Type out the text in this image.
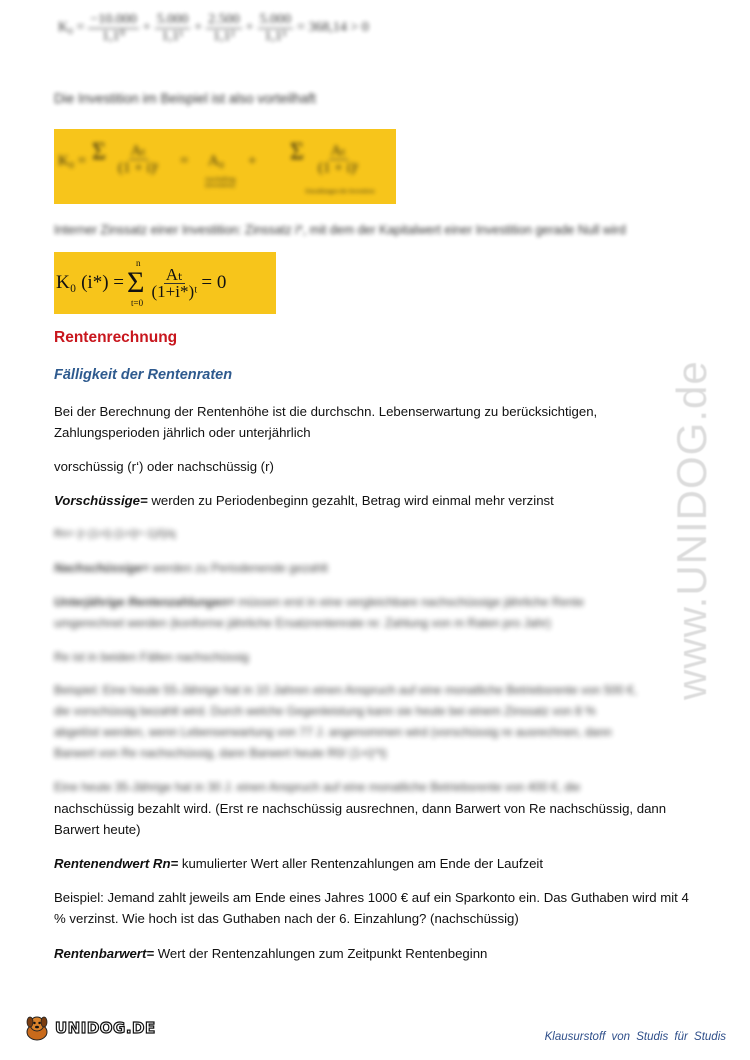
$K_0 = \frac{-10.000}{\text{1,1⁰}} + \frac{5.000}{\text{1,1¹}} + \frac{2.500}{\text{1,1²}} + \frac{5.000}{\text{1,1³}} = 368,14 > 0$
Die Investition im Beispiel ist also vorteilhaft
K₀ = Σ $\frac{\text{Aₜ}}{\text{(1 + i)ᵗ}} = A_0$
Anschaffung (Investition)
+ Σ $\frac{\text{Aₜ}}{\text{(1 + i)ᵗ}}$
Einzahlungen der Investition
Interner Zinssatz einer Investition: Zinssatz i*, mit dem der Kapitalwert einer Investition gerade Null wird
K₀ (i*) = Σ
n
t=0
$\frac{\text{Aₜ}}{\text{(1+i*)ᵗ}} = 0$
Rentenrechnung
Fälligkeit der Rentenraten
Bei der Berechnung der Rentenhöhe ist die durchschn. Lebenserwartung zu berücksichtigen,
Zahlungsperioden jährlich oder unterjährlich
vorschüssig (r‘) oder nachschüssig (r)
Vorschüssige= werden zu Periodenbeginn gezahlt, Betrag wird einmal mehr verzinst
Rn= (r·(1+i)·(1+i)ⁿ−1)/i)/q
Nachschüssige= werden zu Periodenende gezahlt
Unterjährige Rentenzahlungen= müssen erst in eine vergleichbare nachschüssige jährliche Rente
umgerechnet werden (konforme jährliche Ersatzrentenrate re: Zahlung von m Raten pro Jahr)
Re ist in beiden Fällen nachschüssig
Beispiel: Eine heute 55-Jährige hat in 10 Jahren einen Anspruch auf eine monatliche Betriebsrente von 500 €,
die vorschüssig bezahlt wird. Durch welche Gegenleistung kann sie heute bei einem Zinssatz von 8 %
abgelöst werden, wenn Lebenserwartung von 77 J. angenommen wird (vorschüssig re ausrechnen, dann
Barwert von Re nachschüssig, dann Barwert heute R0/ (1+i)^t)
Eine heute 35-Jährige hat in 30 J. einen Anspruch auf eine monatliche Betriebsrente von 400 €, die
nachschüssig bezahlt wird. (Erst re nachschüssig ausrechnen, dann Barwert von Re nachschüssig, dann
Barwert heute)
Rentenendwert Rn= kumulierter Wert aller Rentenzahlungen am Ende der Laufzeit
Beispiel: Jemand zahlt jeweils am Ende eines Jahres 1000 € auf ein Sparkonto ein. Das Guthaben wird mit 4
% verzinst. Wie hoch ist das Guthaben nach der 6. Einzahlung? (nachschüssig)
Rentenbarwert= Wert der Rentenzahlungen zum Zeitpunkt Rentenbeginn
www.UNIDOG.de
UNIDOG.DE	Klausurstoff von Studis für Studis
